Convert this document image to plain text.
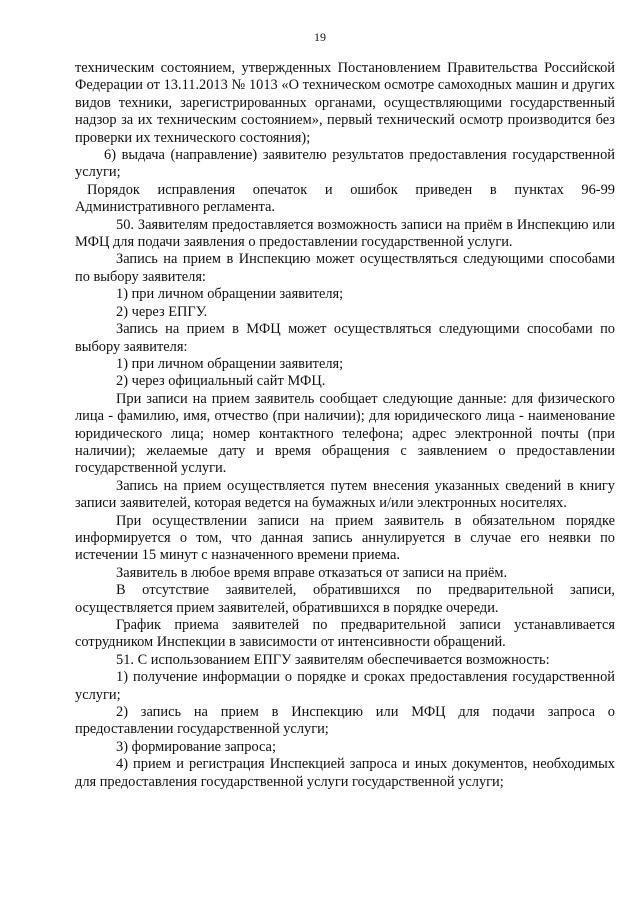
19

техническим состоянием, утвержденных Постановлением Правительства Российской Федерации от 13.11.2013 № 1013 «О техническом осмотре самоходных машин и других видов техники, зарегистрированных органами, осуществляющими государственный надзор за их техническим состоянием», первый технический осмотр производится без проверки их технического состояния);

6) выдача (направление) заявителю результатов предоставления государственной услуги;

Порядок исправления опечаток и ошибок приведен в пунктах 96-99 Административного регламента.

50. Заявителям предоставляется возможность записи на приём в Инспекцию или МФЦ для подачи заявления о предоставлении государственной услуги.

Запись на прием в Инспекцию может осуществляться следующими способами по выбору заявителя:

1) при личном обращении заявителя;

2) через ЕПГУ.

Запись на прием в МФЦ может осуществляться следующими способами по выбору заявителя:

1) при личном обращении заявителя;

2) через официальный сайт МФЦ.

При записи на прием заявитель сообщает следующие данные: для физического лица - фамилию, имя, отчество (при наличии); для юридического лица - наименование юридического лица; номер контактного телефона; адрес электронной почты (при наличии); желаемые дату и время обращения с заявлением о предоставлении государственной услуги.

Запись на прием осуществляется путем внесения указанных сведений в книгу записи заявителей, которая ведется на бумажных и/или электронных носителях.

При осуществлении записи на прием заявитель в обязательном порядке информируется о том, что данная запись аннулируется в случае его неявки по истечении 15 минут с назначенного времени приема.

Заявитель в любое время вправе отказаться от записи на приём.

В отсутствие заявителей, обратившихся по предварительной записи, осуществляется прием заявителей, обратившихся в порядке очереди.

График приема заявителей по предварительной записи устанавливается сотрудником Инспекции в зависимости от интенсивности обращений.

51. С использованием ЕПГУ заявителям обеспечивается возможность:

1) получение информации о порядке и сроках предоставления государственной услуги;

2) запись на прием в Инспекцию или МФЦ для подачи запроса о предоставлении государственной услуги;

3) формирование запроса;

4) прием и регистрация Инспекцией запроса и иных документов, необходимых для предоставления государственной услуги государственной услуги;
